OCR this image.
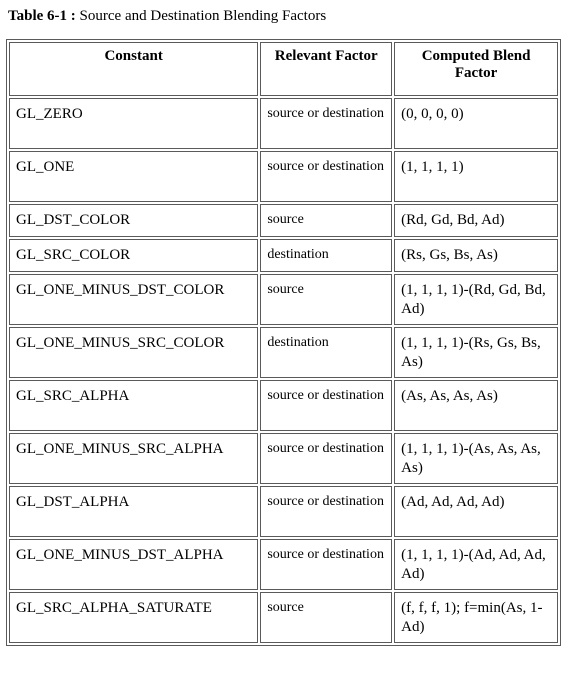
Table 6-1 : Source and Destination Blending Factors
Constant	Relevant Factor	Computed Blend Factor
GL_ZERO	source or destination	(0, 0, 0, 0)
GL_ONE	source or destination	(1, 1, 1, 1)
GL_DST_COLOR	source	(Rd, Gd, Bd, Ad)
GL_SRC_COLOR	destination	(Rs, Gs, Bs, As)
GL_ONE_MINUS_DST_COLOR	source	(1, 1, 1, 1)-(Rd, Gd, Bd, Ad)
GL_ONE_MINUS_SRC_COLOR	destination	(1, 1, 1, 1)-(Rs, Gs, Bs, As)
GL_SRC_ALPHA	source or destination	(As, As, As, As)
GL_ONE_MINUS_SRC_ALPHA	source or destination	(1, 1, 1, 1)-(As, As, As, As)
GL_DST_ALPHA	source or destination	(Ad, Ad, Ad, Ad)
GL_ONE_MINUS_DST_ALPHA	source or destination	(1, 1, 1, 1)-(Ad, Ad, Ad, Ad)
GL_SRC_ALPHA_SATURATE	source	(f, f, f, 1); f=min(As, 1-Ad)
